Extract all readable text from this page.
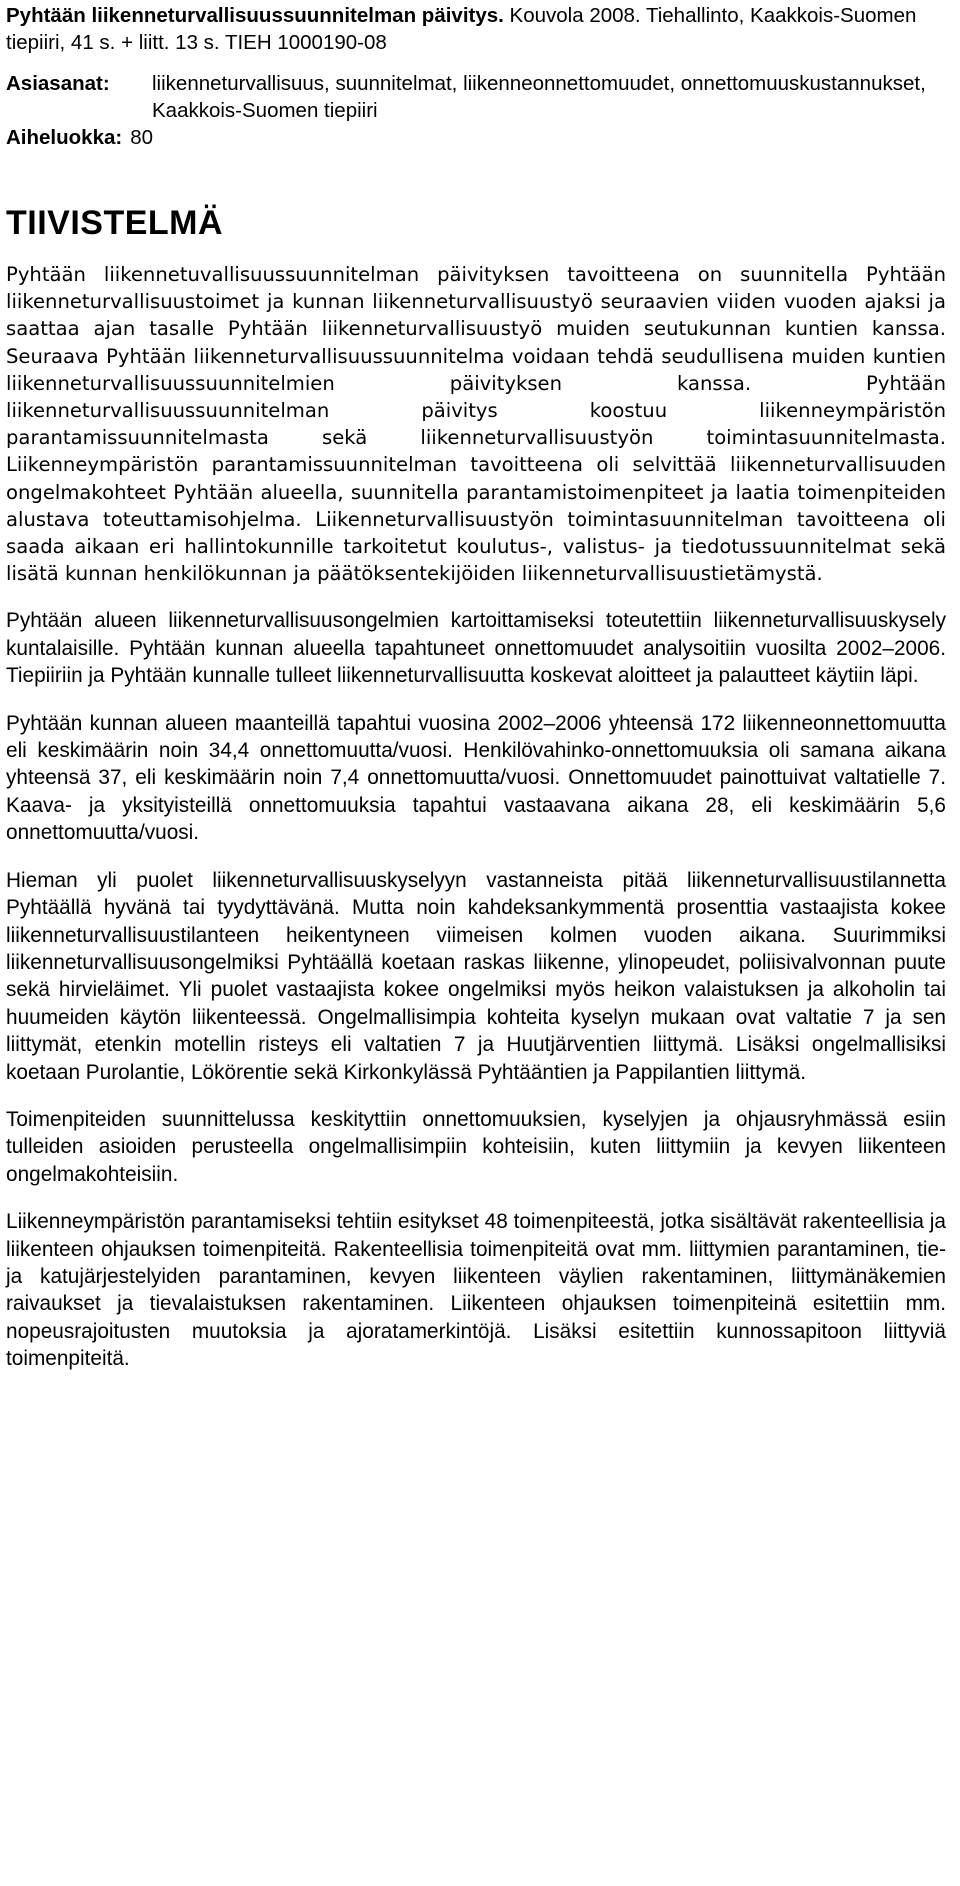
Pyhtään liikenneturvallisuussuunnitelman päivitys. Kouvola 2008. Tiehallinto, Kaakkois-Suomen tiepiiri, 41 s. + liitt. 13 s. TIEH 1000190-08
Asiasanat:	liikenneturvallisuus, suunnitelmat, liikenneonnettomuudet, onnettomuuskustannukset, Kaakkois-Suomen tiepiiri
Aiheluokka: 80
TIIVISTELMÄ

Pyhtään liikennetuvallisuussuunnitelman päivityksen tavoitteena on suunnitella Pyhtään liikenneturvallisuustoimet ja kunnan liikenneturvallisuustyö seuraavien viiden vuoden ajaksi ja saattaa ajan tasalle Pyhtään liikenneturvallisuustyö muiden seutukunnan kuntien kanssa. Seuraava Pyhtään liikenneturvallisuussuunnitelma voidaan tehdä seudullisena muiden kuntien liikenneturvallisuussuunnitelmien päivityksen kanssa. Pyhtään liikenneturvallisuussuunnitelman päivitys koostuu liikenneympäristön parantamissuunnitelmasta sekä liikenneturvallisuustyön toimintasuunnitelmasta. Liikenneympäristön parantamissuunnitelman tavoitteena oli selvittää liikenneturvallisuuden ongelmakohteet Pyhtään alueella, suunnitella parantamistoimenpiteet ja laatia toimenpiteiden alustava toteuttamisohjelma. Liikenneturvallisuustyön toimintasuunnitelman tavoitteena oli saada aikaan eri hallintokunnille tarkoitetut koulutus-, valistus- ja tiedotussuunnitelmat sekä lisätä kunnan henkilökunnan ja päätöksentekijöiden liikenneturvallisuustietämystä.

Pyhtään alueen liikenneturvallisuusongelmien kartoittamiseksi toteutettiin liikenneturvallisuuskysely kuntalaisille. Pyhtään kunnan alueella tapahtuneet onnettomuudet analysoitiin vuosilta 2002–2006. Tiepiiriin ja Pyhtään kunnalle tulleet liikenneturvallisuutta koskevat aloitteet ja palautteet käytiin läpi.

Pyhtään kunnan alueen maanteillä tapahtui vuosina 2002–2006 yhteensä 172 liikenneonnettomuutta eli keskimäärin noin 34,4 onnettomuutta/vuosi. Henkilövahinko-onnettomuuksia oli samana aikana yhteensä 37, eli keskimäärin noin 7,4 onnettomuutta/vuosi. Onnettomuudet painottuivat valtatielle 7. Kaava- ja yksityisteillä onnettomuuksia tapahtui vastaavana aikana 28, eli keskimäärin 5,6 onnettomuutta/vuosi.

Hieman yli puolet liikenneturvallisuuskyselyyn vastanneista pitää liikenneturvallisuustilannetta Pyhtäällä hyvänä tai tyydyttävänä. Mutta noin kahdeksankymmentä prosenttia vastaajista kokee liikenneturvallisuustilanteen heikentyneen viimeisen kolmen vuoden aikana. Suurimmiksi liikenneturvallisuusongelmiksi Pyhtäällä koetaan raskas liikenne, ylinopeudet, poliisivalvonnan puute sekä hirvieläimet. Yli puolet vastaajista kokee ongelmiksi myös heikon valaistuksen ja alkoholin tai huumeiden käytön liikenteessä. Ongelmallisimpia kohteita kyselyn mukaan ovat valtatie 7 ja sen liittymät, etenkin motellin risteys eli valtatien 7 ja Huutjärventien liittymä. Lisäksi ongelmallisiksi koetaan Purolantie, Lökörentie sekä Kirkonkylässä Pyhtääntien ja Pappilantien liittymä.

Toimenpiteiden suunnittelussa keskityttiin onnettomuuksien, kyselyjen ja ohjausryhmässä esiin tulleiden asioiden perusteella ongelmallisimpiin kohteisiin, kuten liittymiin ja kevyen liikenteen ongelmakohteisiin.

Liikenneympäristön parantamiseksi tehtiin esitykset 48 toimenpiteestä, jotka sisältävät rakenteellisia ja liikenteen ohjauksen toimenpiteitä. Rakenteellisia toimenpiteitä ovat mm. liittymien parantaminen, tie- ja katujärjestelyiden parantaminen, kevyen liikenteen väylien rakentaminen, liittymänäkemien raivaukset ja tievalaistuksen rakentaminen. Liikenteen ohjauksen toimenpiteinä esitettiin mm. nopeusrajoitusten muutoksia ja ajoratamerkintöjä. Lisäksi esitettiin kunnossapitoon liittyviä toimenpiteitä.
